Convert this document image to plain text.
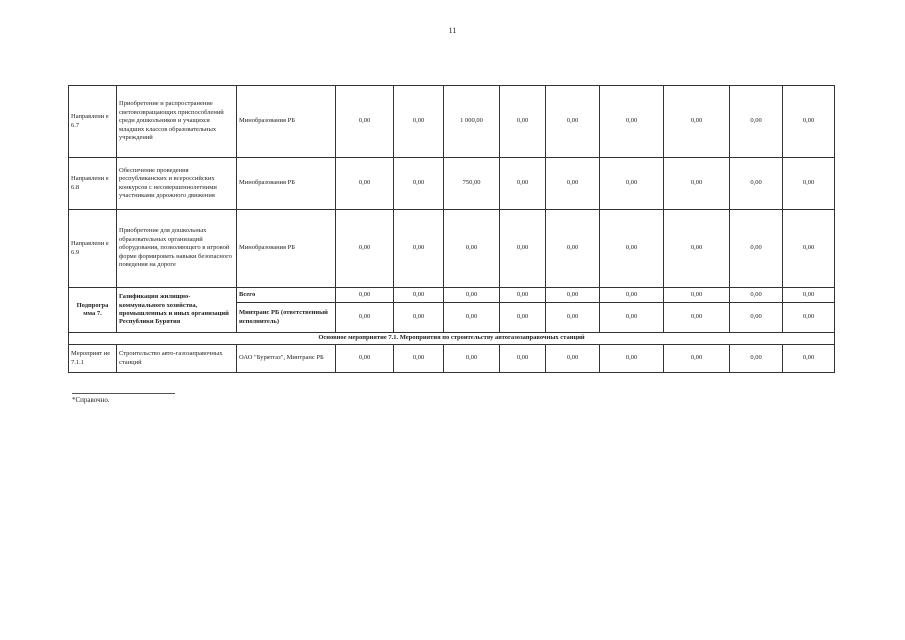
11
Направлени е 6.7	Приобретение и распространение световозвращающих приспособлений среди дошкольников и учащихся младших классов образовательных учреждений	Минобразования РБ	0,00	0,00	1 000,00	0,00	0,00	0,00	0,00	0,00	0,00
Направлени е 6.8	Обеспечение проведения республиканских и всероссийских конкурсов с несовершеннолетними участниками дорожного движения	Минобразования РБ	0,00	0,00	750,00	0,00	0,00	0,00	0,00	0,00	0,00
Направлени е 6.9	Приобретение для дошкольных образовательных организаций оборудования, позволяющего в игровой форме формировать навыки безопасного поведения на дороге	Минобразования РБ	0,00	0,00	0,00	0,00	0,00	0,00	0,00	0,00	0,00
Подпрогра мма 7.	Газификация жилищно-коммунального хозяйства, промышленных и иных организаций Республики Бурятия	Всего	0,00	0,00	0,00	0,00	0,00	0,00	0,00	0,00	0,00
		Минтранс РБ (ответственный исполнитель)	0,00	0,00	0,00	0,00	0,00	0,00	0,00	0,00	0,00
Основное мероприятие 7.1. Мероприятия по строительству автогазозаправочных станций											
Мероприят ие 7.1.1	Строительство авто-газозаправочных станций	ОАО "Бурятгаз", Минтранс РБ	0,00	0,00	0,00	0,00	0,00	0,00	0,00	0,00	0,00
*Справочно.
